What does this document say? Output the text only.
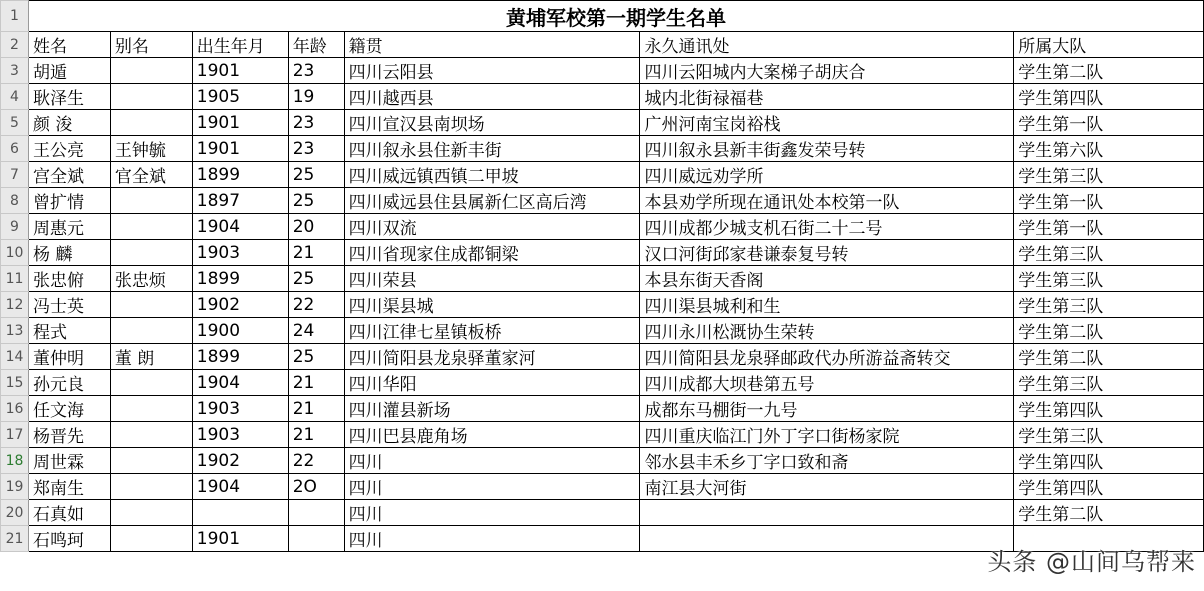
1	黄埔军校第一期学生名单						
2	姓名	别名	出生年月	年龄	籍贯	永久通讯处	所属大队
3	胡遁		1901	23	四川云阳县	四川云阳城内大案梯子胡庆合	学生第二队
4	耿泽生		1905	19	四川越西县	城内北街禄福巷	学生第四队
5	颜 浚		1901	23	四川宣汉县南坝场	广州河南宝岗裕栈	学生第一队
6	王公亮	王钟毓	1901	23	四川叙永县住新丰街	四川叙永县新丰街鑫发荣号转	学生第六队
7	宫全斌	官全斌	1899	25	四川威远镇西镇二甲坡	四川威远劝学所	学生第三队
8	曾扩情		1897	25	四川威远县住县属新仁区高后湾	本县劝学所现在通讯处本校第一队	学生第一队
9	周惠元		1904	20	四川双流	四川成都少城支机石街二十二号	学生第一队
10	杨 麟		1903	21	四川省现家住成都铜梁	汉口河街邱家巷谦泰复号转	学生第三队
11	张忠俯	张忠烦	1899	25	四川荣县	本县东街天香阁	学生第三队
12	冯士英		1902	22	四川渠县城	四川渠县城利和生	学生第三队
13	程式		1900	24	四川江律七星镇板桥	四川永川松溉协生荣转	学生第二队
14	董仲明	董 朗	1899	25	四川简阳县龙泉驿董家河	四川简阳县龙泉驿邮政代办所游益斋转交	学生第二队
15	孙元良		1904	21	四川华阳	四川成都大坝巷第五号	学生第三队
16	任文海		1903	21	四川灌县新场	成都东马棚街一九号	学生第四队
17	杨晋先		1903	21	四川巴县鹿角场	四川重庆临江门外丁字口街杨家院	学生第三队
18	周世霖		1902	22	四川	邻水县丰禾乡丁字口致和斋	学生第四队
19	郑南生		1904	2O	四川	南江县大河街	学生第四队
20	石真如				四川		学生第二队
21	石鸣珂		1901		四川		
头条 @山间乌帮来
